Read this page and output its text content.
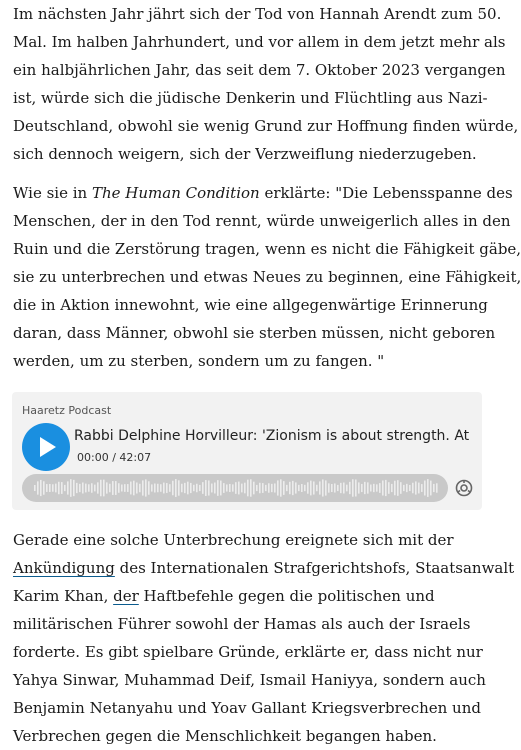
Im nächsten Jahr jährt sich der Tod von Hannah Arendt zum 50.
Mal. Im halben Jahrhundert, und vor allem in dem jetzt mehr als
ein halbjährlichen Jahr, das seit dem 7. Oktober 2023 vergangen
ist, würde sich die jüdische Denkerin und Flüchtling aus Nazi-
Deutschland, obwohl sie wenig Grund zur Hoffnung finden würde,
sich dennoch weigern, sich der Verzweiflung niederzugeben.

Wie sie in The Human Condition erklärte: "Die Lebensspanne des
Menschen, der in den Tod rennt, würde unweigerlich alles in den
Ruin und die Zerstörung tragen, wenn es nicht die Fähigkeit gäbe,
sie zu unterbrechen und etwas Neues zu beginnen, eine Fähigkeit,
die in Aktion innewohnt, wie eine allgegenwärtige Erinnerung
daran, dass Männer, obwohl sie sterben müssen, nicht geboren
werden, um zu sterben, sondern um zu fangen. "

Haaretz Podcast
Rabbi Delphine Horvilleur: 'Zionism is about strength. At
00:00 / 42:07

Gerade eine solche Unterbrechung ereignete sich mit der
Ankündigung des Internationalen Strafgerichtshofs, Staatsanwalt
Karim Khan, der Haftbefehle gegen die politischen und
militärischen Führer sowohl der Hamas als auch der Israels
forderte. Es gibt spielbare Gründe, erklärte er, dass nicht nur
Yahya Sinwar, Muhammad Deif, Ismail Haniyya, sondern auch
Benjamin Netanyahu und Yoav Gallant Kriegsverbrechen und
Verbrechen gegen die Menschlichkeit begangen haben.
